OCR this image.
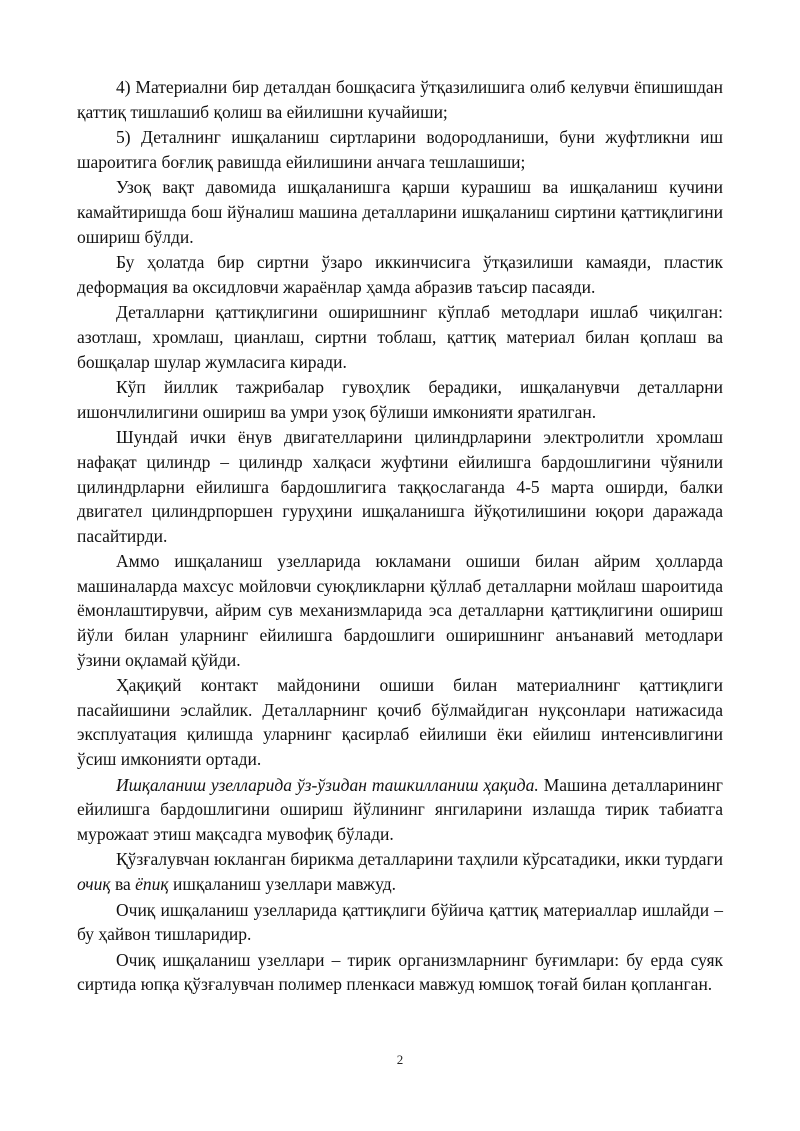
4) Материални бир деталдан бошқасига ўтқазилишига олиб келувчи ёпишишдан қаттиқ тишлашиб қолиш ва ейилишни кучайиши;

5) Деталнинг ишқаланиш сиртларини водородланиши, буни жуфтликни иш шароитига боғлиқ равишда ейилишини анчага тешлашиши;

Узоқ вақт давомида ишқаланишга қарши курашиш ва ишқаланиш кучини камайтиришда бош йўналиш машина деталларини ишқаланиш сиртини қаттиқлигини ошириш бўлди.

Бу ҳолатда бир сиртни ўзаро иккинчисига ўтқазилиши камаяди, пластик деформация ва оксидловчи жараёнлар ҳамда абразив таъсир пасаяди.

Деталларни қаттиқлигини оширишнинг кўплаб методлари ишлаб чиқилган: азотлаш, хромлаш, цианлаш, сиртни тоблаш, қаттиқ материал билан қоплаш ва бошқалар шулар жумласига киради.

Кўп йиллик тажрибалар гувоҳлик берадики, ишқаланувчи деталларни ишончлилигини ошириш ва умри узоқ бўлиши имконияти яратилган.

Шундай ички ёнув двигателларини цилиндрларини электролитли хромлаш нафақат цилиндр – цилиндр халқаси жуфтини ейилишга бардошлигини чўянили цилиндрларни ейилишга бардошлигига таққослаганда 4-5 марта оширди, балки двигател цилиндрпоршен гуруҳини ишқаланишга йўқотилишини юқори даражада пасайтирди.

Аммо ишқаланиш узелларида юкламани ошиши билан айрим ҳолларда машиналарда махсус мойловчи суюқликларни қўллаб деталларни мойлаш шароитида ёмонлаштирувчи, айрим сув механизмларида эса деталларни қаттиқлигини ошириш йўли билан уларнинг ейилишга бардошлиги оширишнинг анъанавий методлари ўзини оқламай қўйди.

Ҳақиқий контакт майдонини ошиши билан материалнинг қаттиқлиги пасайишини эслайлик. Деталларнинг қочиб бўлмайдиган нуқсонлари натижасида эксплуатация қилишда уларнинг қасирлаб ейилиши ёки ейилиш интенсивлигини ўсиш имконияти ортади.

Ишқаланиш узелларида ўз-ўзидан ташкилланиш ҳақида. Машина деталларининг ейилишга бардошлигини ошириш йўлининг янгиларини излашда тирик табиатга мурожаат этиш мақсадга мувофиқ бўлади.

Қўзғалувчан юкланган бирикма деталларини таҳлили кўрсатадики, икки турдаги очиқ ва ёпиқ ишқаланиш узеллари мавжуд.

Очиқ ишқаланиш узелларида қаттиқлиги бўйича қаттиқ материаллар ишлайди – бу ҳайвон тишларидир.

Очиқ ишқаланиш узеллари – тирик организмларнинг буғимлари: бу ерда суяк сиртида юпқа қўзғалувчан полимер пленкаси мавжуд юмшоқ тоғай билан қопланган.

2
